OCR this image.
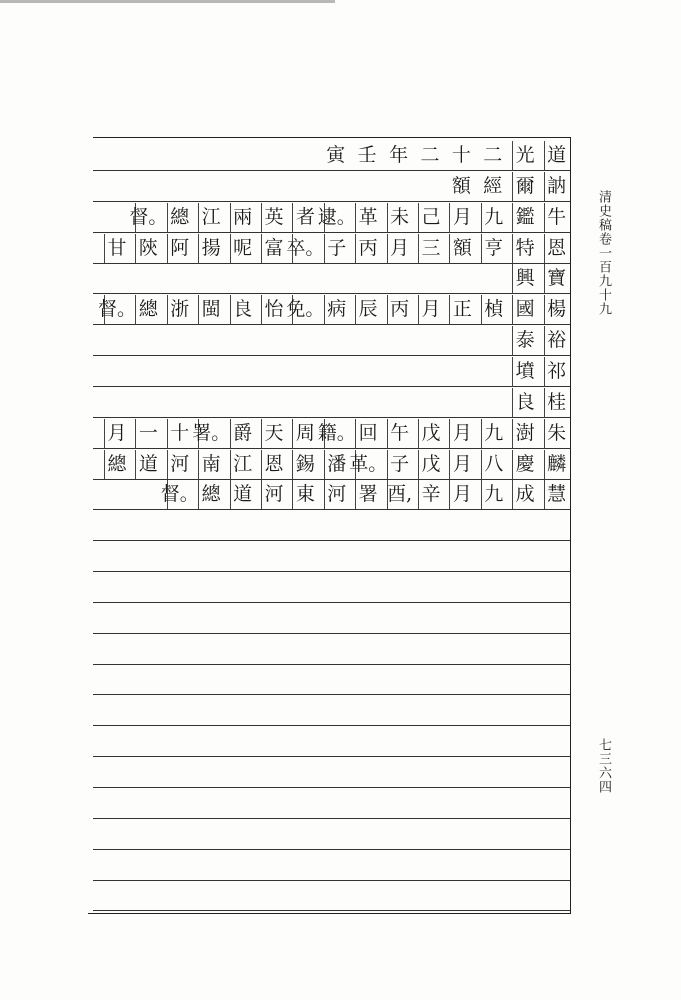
道
光
二
十
二
年
壬
寅
訥
爾
經
額
牛
鑑
九
月
己
未
革
逮。
者
英
兩
江
總
督。
恩
特
亨
額
三
月
丙
子
卒。
富
呢
揚
阿
陝
甘
寶
興
楊
國
楨
正
月
丙
辰
病
免。
怡
良
閩
浙
總
督。
裕
泰
祁
墳
桂
良
朱
澍
九
月
戊
午
回
籍。
周
天
爵
署。
十
一
月
麟
慶
八
月
戊
子
革。
潘
錫
恩
江
南
河
道
總
慧
成
九
月
辛
酉,
署
河
東
河
道
總
督。
清史稿卷一百九十九
七三六四
